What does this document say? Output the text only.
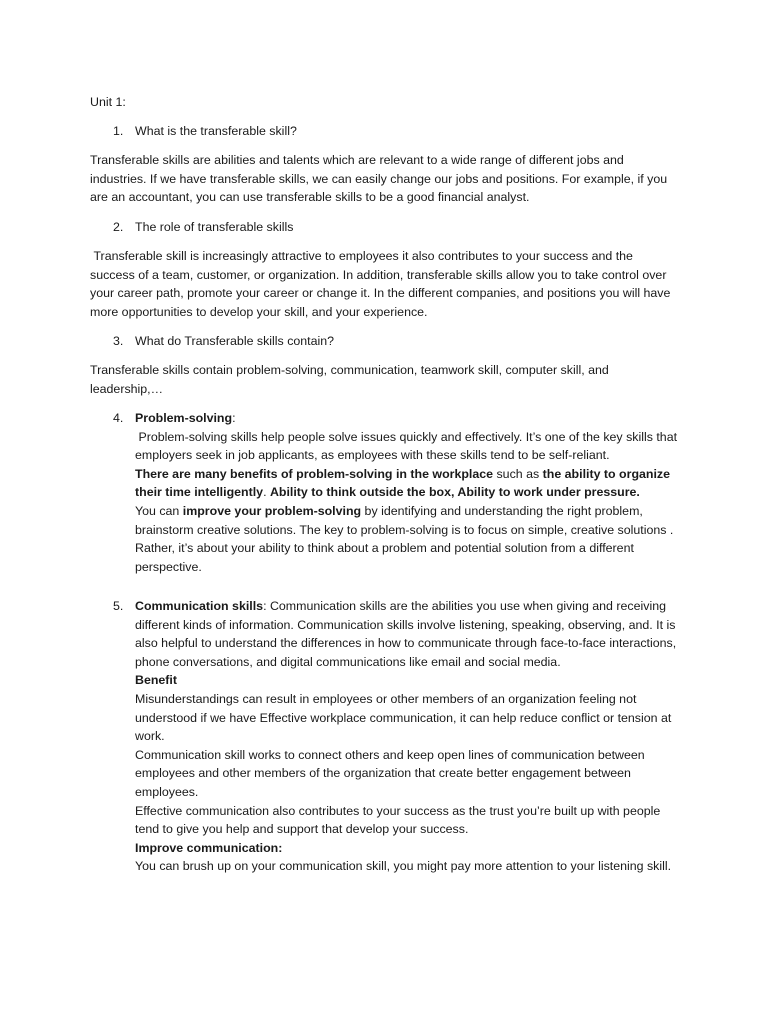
Unit 1:
1. What is the transferable skill?

Transferable skills are abilities and talents which are relevant to a wide range of different jobs and industries. If we have transferable skills, we can easily change our jobs and positions. For example, if you are an accountant, you can use transferable skills to be a good financial analyst.

2. The role of transferable skills

Transferable skill is increasingly attractive to employees it also contributes to your success and the success of a team, customer, or organization. In addition, transferable skills allow you to take control over your career path, promote your career or change it. In the different companies, and positions you will have more opportunities to develop your skill, and your experience.

3. What do Transferable skills contain?

Transferable skills contain problem-solving, communication, teamwork skill, computer skill, and leadership,…

4. Problem-solving:

Problem-solving skills help people solve issues quickly and effectively. It’s one of the key skills that employers seek in job applicants, as employees with these skills tend to be self-reliant.

There are many benefits of problem-solving in the workplace such as the ability to organize their time intelligently. Ability to think outside the box, Ability to work under pressure.

You can improve your problem-solving by identifying and understanding the right problem, brainstorm creative solutions. The key to problem-solving is to focus on simple, creative solutions . Rather, it’s about your ability to think about a problem and potential solution from a different perspective.

5. Communication skills: Communication skills are the abilities you use when giving and receiving different kinds of information. Communication skills involve listening, speaking, observing, and. It is also helpful to understand the differences in how to communicate through face-to-face interactions, phone conversations, and digital communications like email and social media.

Benefit

Misunderstandings can result in employees or other members of an organization feeling not understood if we have Effective workplace communication, it can help reduce conflict or tension at work.

Communication skill works to connect others and keep open lines of communication between employees and other members of the organization that create better engagement between employees.

Effective communication also contributes to your success as the trust you’re built up with people tend to give you help and support that develop your success.

Improve communication:

You can brush up on your communication skill, you might pay more attention to your listening skill.
